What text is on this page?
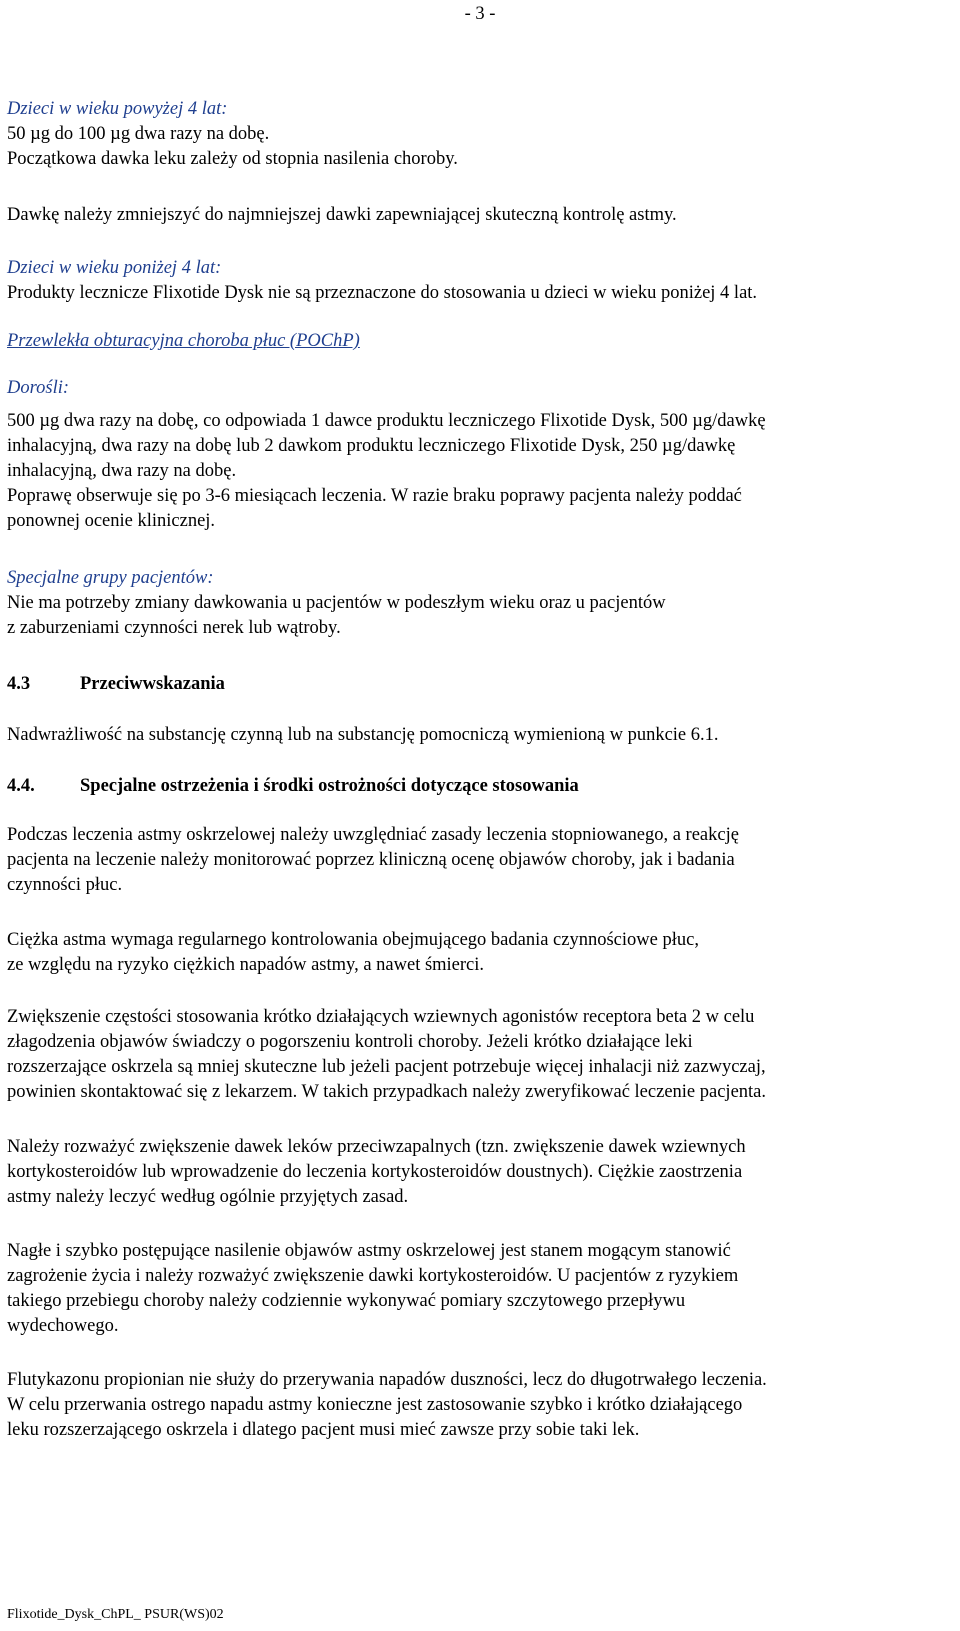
- 3 -
Dzieci w wieku powyżej 4 lat:
50 µg do 100 µg dwa razy na dobę.
Początkowa dawka leku zależy od stopnia nasilenia choroby.
Dawkę należy zmniejszyć do najmniejszej dawki zapewniającej skuteczną kontrolę astmy.
Dzieci w wieku poniżej 4 lat:
Produkty lecznicze Flixotide Dysk nie są przeznaczone do stosowania u dzieci w wieku poniżej 4 lat.
Przewlekła obturacyjna choroba płuc (POChP)
Dorośli:
500 µg dwa razy na dobę, co odpowiada 1 dawce produktu leczniczego Flixotide Dysk, 500 µg/dawkę
inhalacyjną, dwa razy na dobę lub 2 dawkom produktu leczniczego Flixotide Dysk, 250 µg/dawkę
inhalacyjną, dwa razy na dobę.
Poprawę obserwuje się po 3-6 miesiącach leczenia. W razie braku poprawy pacjenta należy poddać
ponownej ocenie klinicznej.
Specjalne grupy pacjentów:
Nie ma potrzeby zmiany dawkowania u pacjentów w podeszłym wieku oraz u pacjentów
z zaburzeniami czynności nerek lub wątroby.
4.3	Przeciwwskazania
Nadwrażliwość na substancję czynną lub na substancję pomocniczą wymienioną w punkcie 6.1.
4.4. Specjalne ostrzeżenia i środki ostrożności dotyczące stosowania
Podczas leczenia astmy oskrzelowej należy uwzględniać zasady leczenia stopniowanego, a reakcję
pacjenta na leczenie należy monitorować poprzez kliniczną ocenę objawów choroby, jak i badania
czynności płuc.
Ciężka astma wymaga regularnego kontrolowania obejmującego badania czynnościowe płuc,
ze względu na ryzyko ciężkich napadów astmy, a nawet śmierci.
Zwiększenie częstości stosowania krótko działających wziewnych agonistów receptora beta 2 w celu
złagodzenia objawów świadczy o pogorszeniu kontroli choroby. Jeżeli krótko działające leki
rozszerzające oskrzela są mniej skuteczne lub jeżeli pacjent potrzebuje więcej inhalacji niż zazwyczaj,
powinien skontaktować się z lekarzem. W takich przypadkach należy zweryfikować leczenie pacjenta.
Należy rozważyć zwiększenie dawek leków przeciwzapalnych (tzn. zwiększenie dawek wziewnych
kortykosteroidów lub wprowadzenie do leczenia kortykosteroidów doustnych). Ciężkie zaostrzenia
astmy należy leczyć według ogólnie przyjętych zasad.
Nagłe i szybko postępujące nasilenie objawów astmy oskrzelowej jest stanem mogącym stanowić
zagrożenie życia i należy rozważyć zwiększenie dawki kortykosteroidów. U pacjentów z ryzykiem
takiego przebiegu choroby należy codziennie wykonywać pomiary szczytowego przepływu
wydechowego.
Flutykazonu propionian nie służy do przerywania napadów duszności, lecz do długotrwałego leczenia.
W celu przerwania ostrego napadu astmy konieczne jest zastosowanie szybko i krótko działającego
leku rozszerzającego oskrzela i dlatego pacjent musi mieć zawsze przy sobie taki lek.
Flixotide_Dysk_ChPL_ PSUR(WS)02
